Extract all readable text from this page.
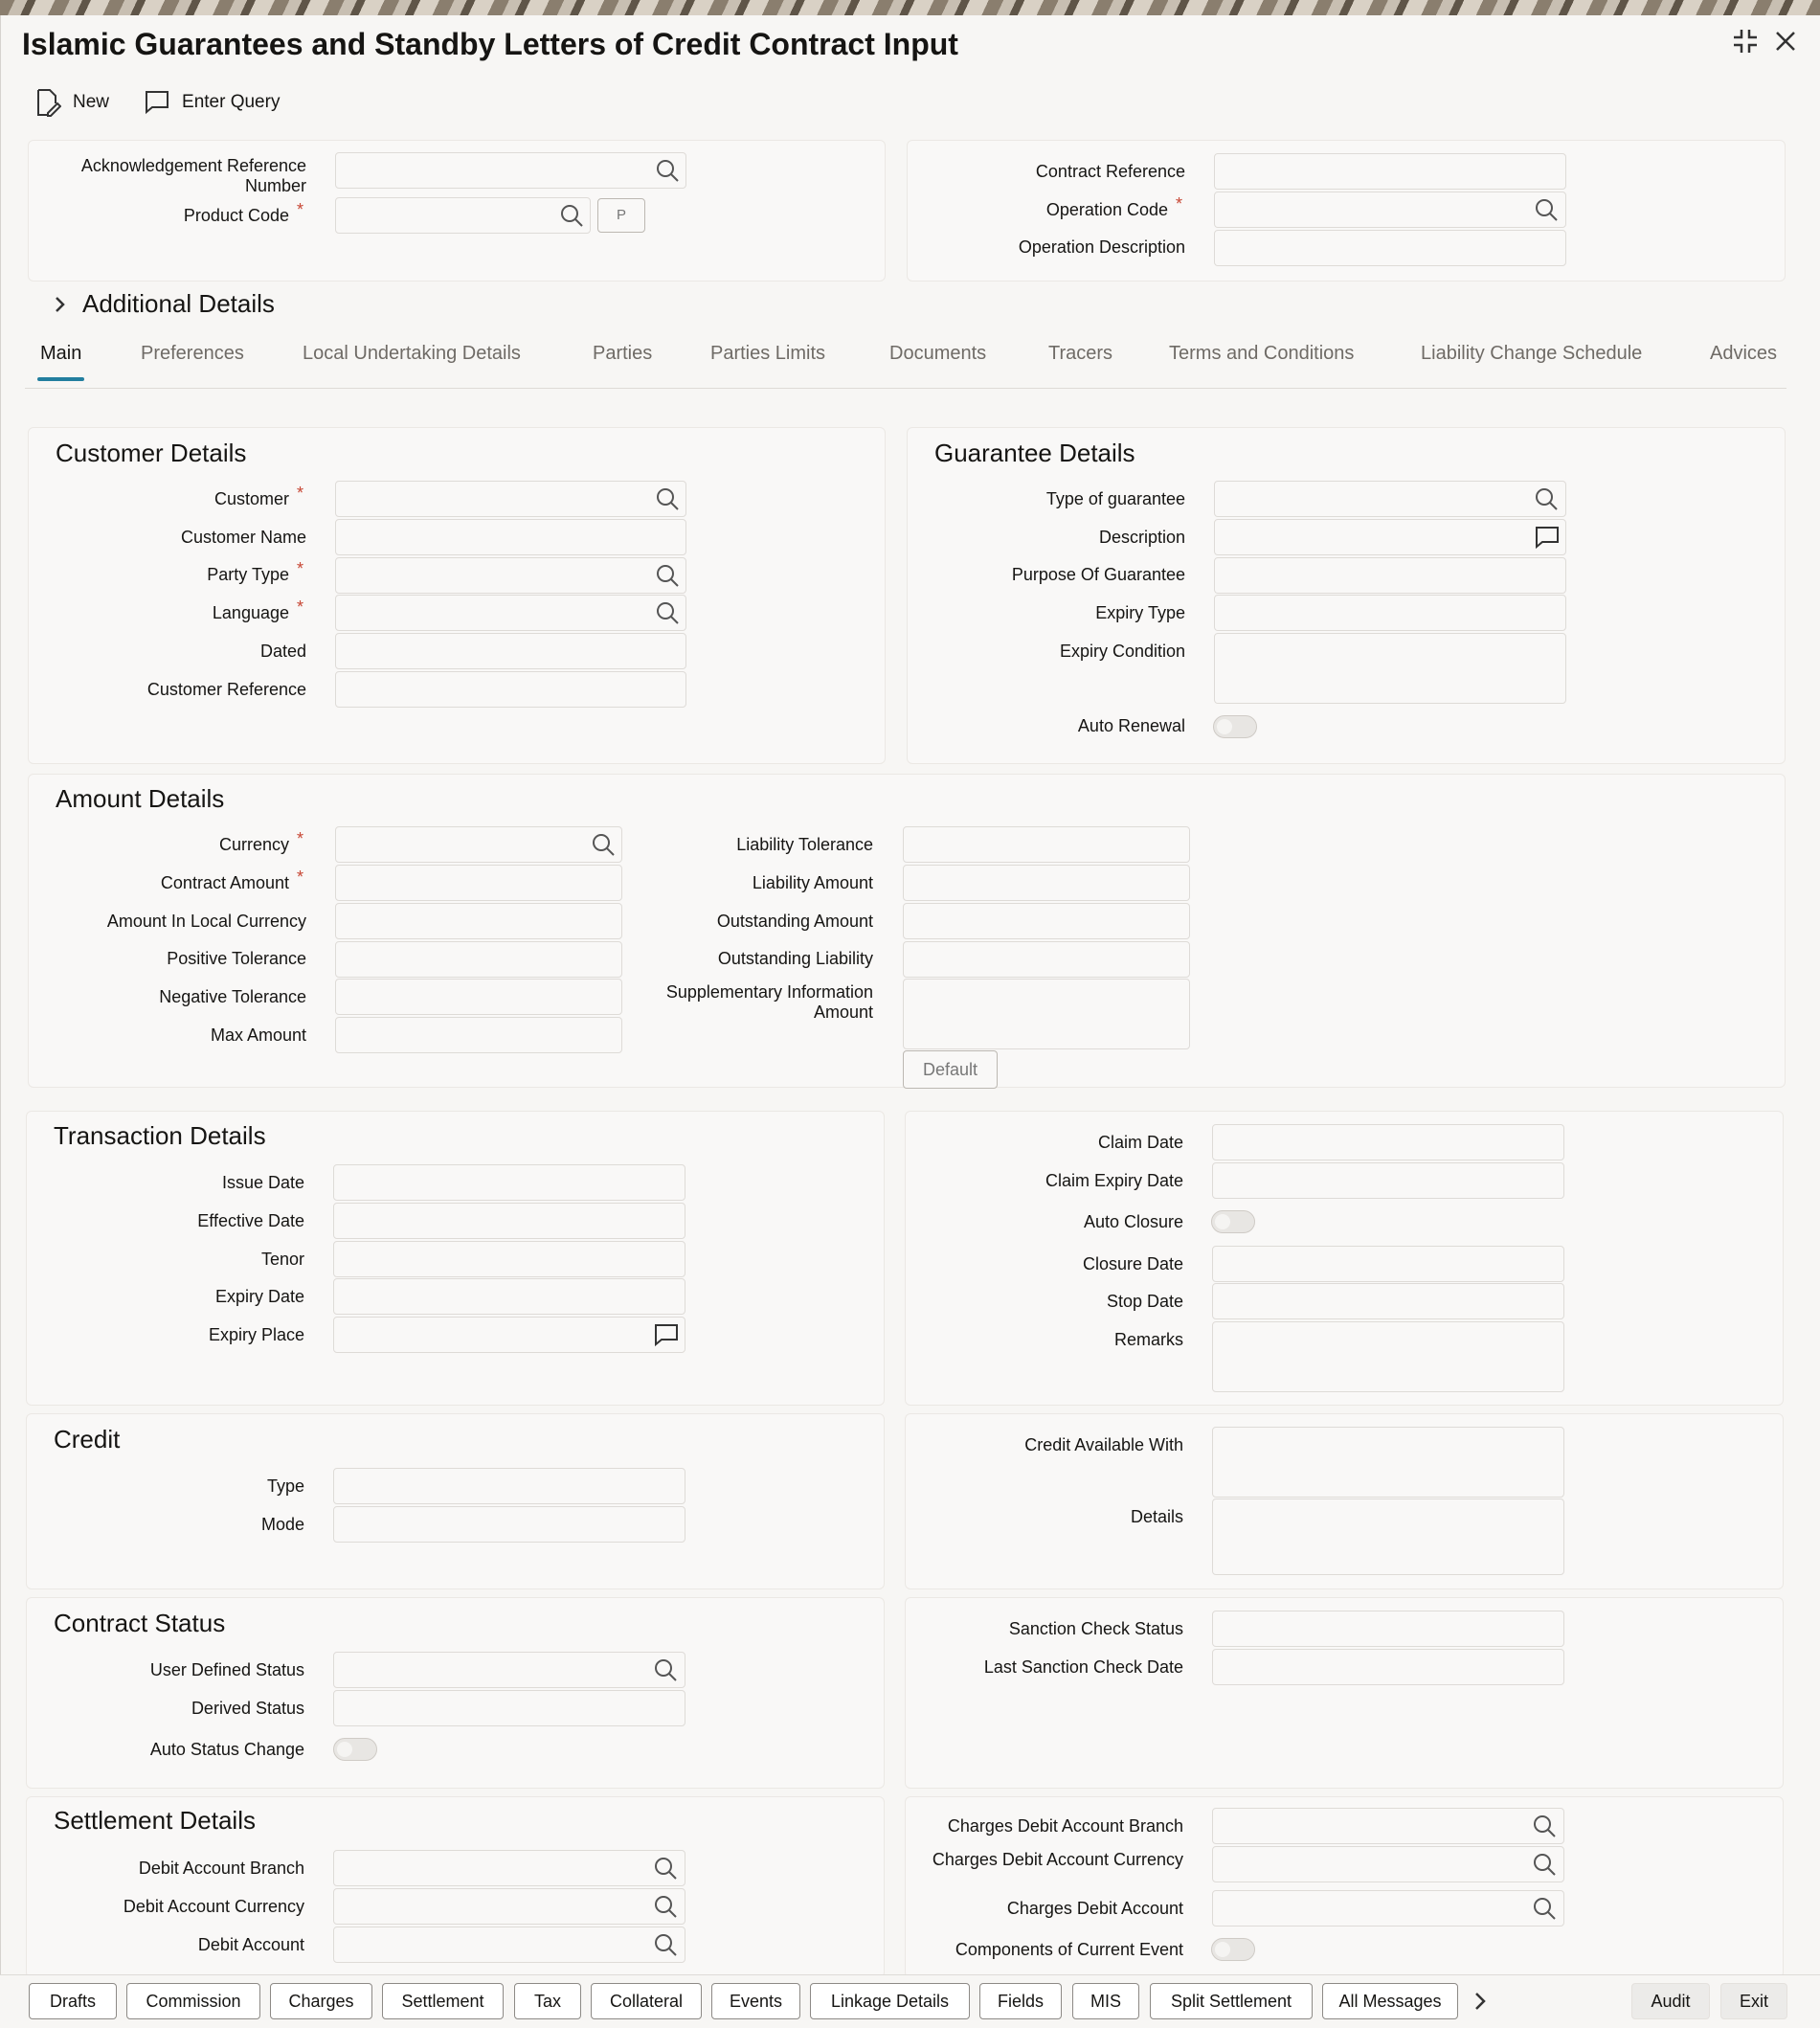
Islamic Guarantees and Standby Letters of Credit Contract Input
New	Enter Query
Acknowledgement Reference Number
Product Code *	P
Contract Reference
Operation Code *
Operation Description
Additional Details
Main	Preferences	Local Undertaking Details	Parties	Parties Limits	Documents	Tracers	Terms and Conditions	Liability Change Schedule	Advices
Customer Details
Customer *
Customer Name
Party Type *
Language *
Dated
Customer Reference
Guarantee Details
Type of guarantee
Description
Purpose Of Guarantee
Expiry Type
Expiry Condition
Auto Renewal
Amount Details
Currency *
Contract Amount *
Amount In Local Currency
Positive Tolerance
Negative Tolerance
Max Amount
Liability Tolerance
Liability Amount
Outstanding Amount
Outstanding Liability
Supplementary Information Amount
Default
Transaction Details
Issue Date
Effective Date
Tenor
Expiry Date
Expiry Place
Claim Date
Claim Expiry Date
Auto Closure
Closure Date
Stop Date
Remarks
Credit
Type
Mode
Credit Available With
Details
Contract Status
User Defined Status
Derived Status
Auto Status Change
Sanction Check Status
Last Sanction Check Date
Settlement Details
Debit Account Branch
Debit Account Currency
Debit Account
Charges Debit Account Branch
Charges Debit Account Currency
Charges Debit Account
Components of Current Event
Drafts	Commission	Charges	Settlement	Tax	Collateral	Events	Linkage Details	Fields	MIS	Split Settlement	All Messages	Audit	Exit
